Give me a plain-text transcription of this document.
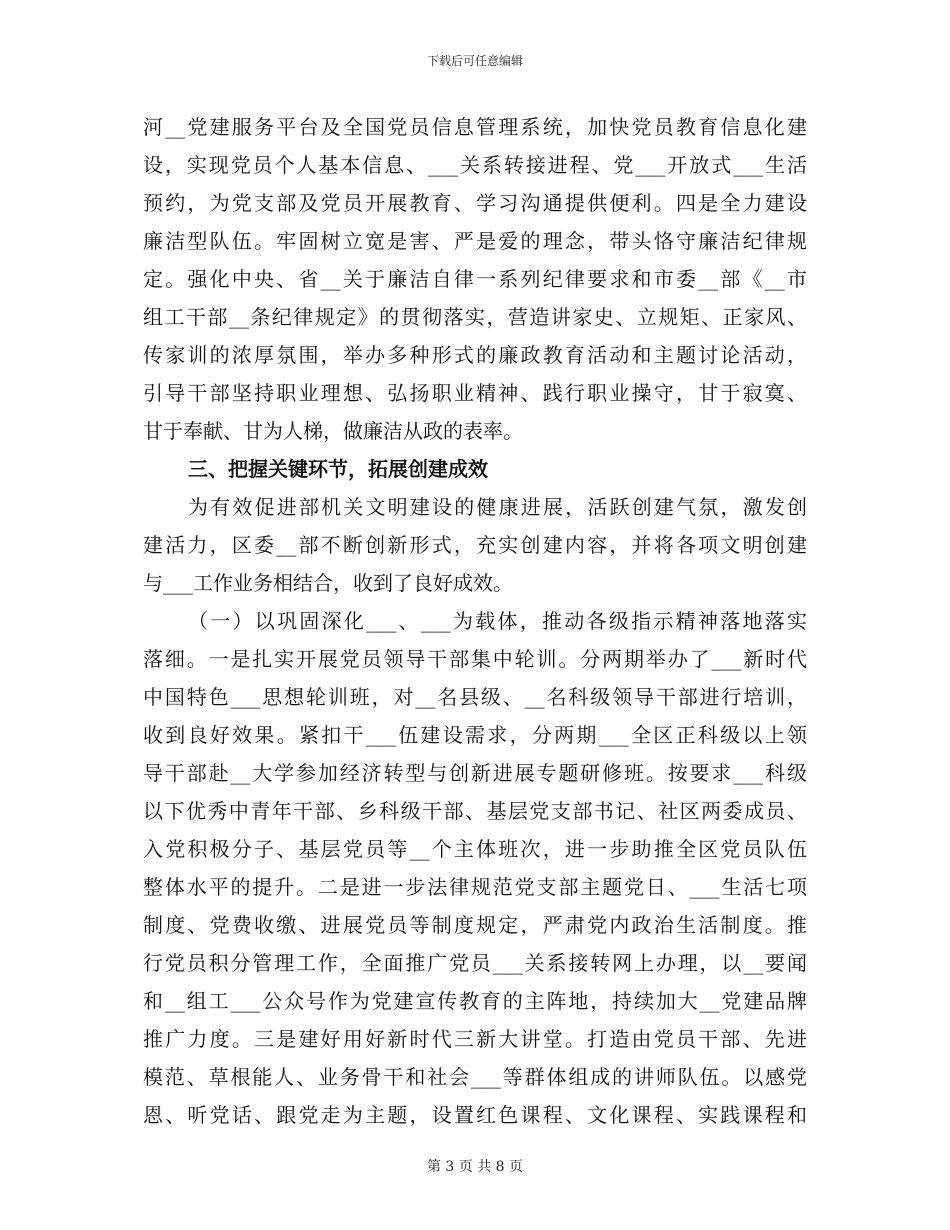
下载后可任意编辑
河__党建服务平台及全国党员信息管理系统，加快党员教育信息化建
设，实现党员个人基本信息、___关系转接进程、党___开放式___生活
预约，为党支部及党员开展教育、学习沟通提供便利。四是全力建设
廉洁型队伍。牢固树立宽是害、严是爱的理念，带头恪守廉洁纪律规
定。强化中央、省__关于廉洁自律一系列纪律要求和市委__部《__市
组工干部__条纪律规定》的贯彻落实，营造讲家史、立规矩、正家风、
传家训的浓厚氛围，举办多种形式的廉政教育活动和主题讨论活动，
引导干部坚持职业理想、弘扬职业精神、践行职业操守，甘于寂寞、
甘于奉献、甘为人梯，做廉洁从政的表率。
三、把握关键环节，拓展创建成效
为有效促进部机关文明建设的健康进展，活跃创建气氛，激发创
建活力，区委__部不断创新形式，充实创建内容，并将各项文明创建
与___工作业务相结合，收到了良好成效。
（一）以巩固深化___、___为载体，推动各级指示精神落地落实
落细。一是扎实开展党员领导干部集中轮训。分两期举办了___新时代
中国特色___思想轮训班，对__名县级、__名科级领导干部进行培训，
收到良好效果。紧扣干___伍建设需求，分两期___全区正科级以上领
导干部赴__大学参加经济转型与创新进展专题研修班。按要求___科级
以下优秀中青年干部、乡科级干部、基层党支部书记、社区两委成员、
入党积极分子、基层党员等__个主体班次，进一步助推全区党员队伍
整体水平的提升。二是进一步法律规范党支部主题党日、___生活七项
制度、党费收缴、进展党员等制度规定，严肃党内政治生活制度。推
行党员积分管理工作，全面推广党员___关系接转网上办理，以__要闻
和__组工___公众号作为党建宣传教育的主阵地，持续加大__党建品牌
推广力度。三是建好用好新时代三新大讲堂。打造由党员干部、先进
模范、草根能人、业务骨干和社会___等群体组成的讲师队伍。以感党
恩、听党话、跟党走为主题，设置红色课程、文化课程、实践课程和
第 3 页 共 8 页
